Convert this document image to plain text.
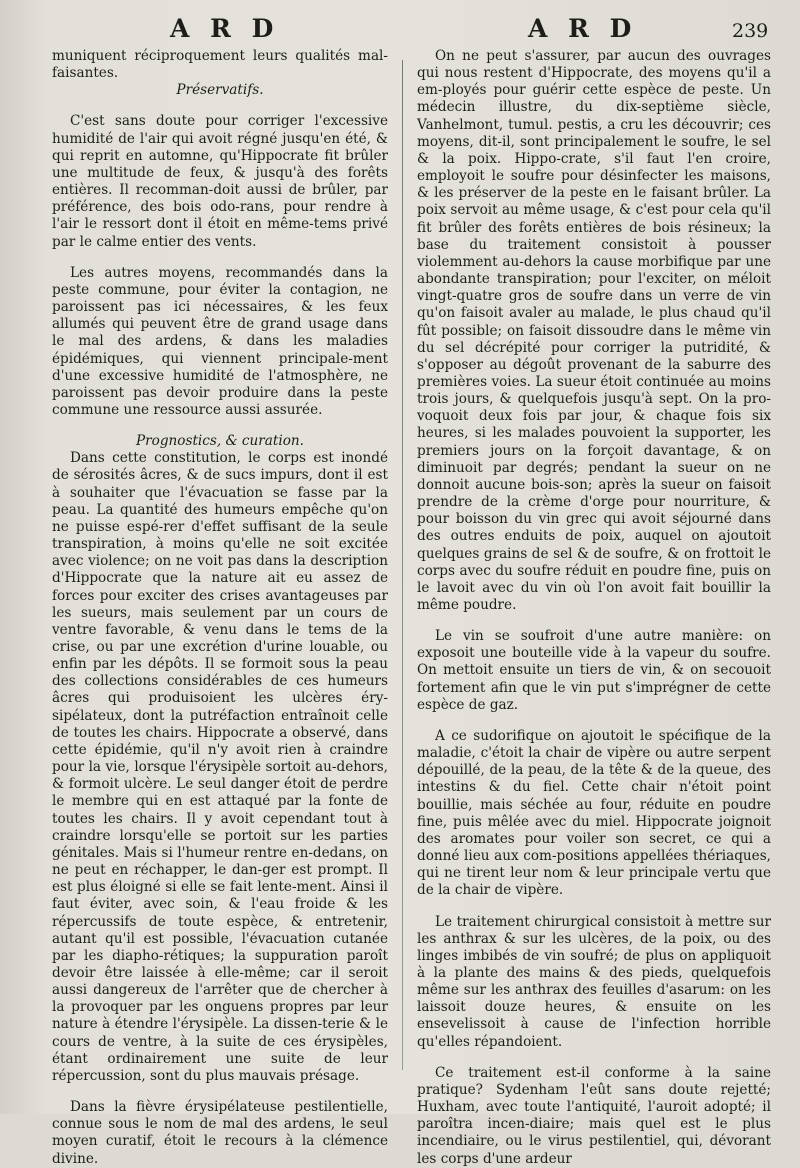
A R D	A R D	239

muniquent réciproquement leurs qualités mal-faisantes.

Préservatifs.

C'est sans doute pour corriger l'excessive humidité de l'air qui avoit régné jusqu'en été, & qui reprit en automne, qu'Hippocrate fit brûler une multitude de feux, & jusqu'à des forêts entières. Il recomman-doit aussi de brûler, par préférence, des bois odo-rans, pour rendre à l'air le ressort dont il étoit en même-tems privé par le calme entier des vents.

Les autres moyens, recommandés dans la peste commune, pour éviter la contagion, ne paroissent pas ici nécessaires, & les feux allumés qui peuvent être de grand usage dans le mal des ardens, & dans les maladies épidémiques, qui viennent principale-ment d'une excessive humidité de l'atmosphère, ne paroissent pas devoir produire dans la peste commune une ressource aussi assurée.

Prognostics, & curation.

Dans cette constitution, le corps est inondé de sérosités âcres, & de sucs impurs, dont il est à souhaiter que l'évacuation se fasse par la peau. La quantité des humeurs empêche qu'on ne puisse espé-rer d'effet suffisant de la seule transpiration, à moins qu'elle ne soit excitée avec violence; on ne voit pas dans la description d'Hippocrate que la nature ait eu assez de forces pour exciter des crises avantageuses par les sueurs, mais seulement par un cours de ventre favorable, & venu dans le tems de la crise, ou par une excrétion d'urine louable, ou enfin par les dépôts. Il se formoit sous la peau des collections considérables de ces humeurs âcres qui produisoient les ulcères éry-sipélateux, dont la putréfaction entraînoit celle de toutes les chairs. Hippocrate a observé, dans cette épidémie, qu'il n'y avoit rien à craindre pour la vie, lorsque l'érysipèle sortoit au-dehors, & formoit ulcère. Le seul danger étoit de perdre le membre qui en est attaqué par la fonte de toutes les chairs. Il y avoit cependant tout à craindre lorsqu'elle se portoit sur les parties génitales. Mais si l'humeur rentre en-dedans, on ne peut en réchapper, le dan-ger est prompt. Il est plus éloigné si elle se fait lente-ment. Ainsi il faut éviter, avec soin, & l'eau froide & les répercussifs de toute espèce, & entretenir, autant qu'il est possible, l'évacuation cutanée par les diapho-rétiques; la suppuration paroît devoir être laissée à elle-même; car il seroit aussi dangereux de l'arrêter que de chercher à la provoquer par les onguens propres par leur nature à étendre l'érysipèle. La dissen-terie & le cours de ventre, à la suite de ces érysipèles, étant ordinairement une suite de leur répercussion, sont du plus mauvais présage.

Dans la fièvre érysipélateuse pestilentielle, connue sous le nom de mal des ardens, le seul moyen curatif, étoit le recours à la clémence divine.

On ne peut s'assurer, par aucun des ouvrages qui nous restent d'Hippocrate, des moyens qu'il a em-ployés pour guérir cette espèce de peste. Un médecin illustre, du dix-septième siècle, Vanhelmont, tumul. pestis, a cru les découvrir; ces moyens, dit-il, sont principalement le soufre, le sel & la poix. Hippo-crate, s'il faut l'en croire, employoit le soufre pour désinfecter les maisons, & les préserver de la peste en le faisant brûler. La poix servoit au même usage, & c'est pour cela qu'il fit brûler des forêts entières de bois résineux; la base du traitement consistoit à pousser violemment au-dehors la cause morbifique par une abondante transpiration; pour l'exciter, on méloit vingt-quatre gros de soufre dans un verre de vin qu'on faisoit avaler au malade, le plus chaud qu'il fût possible; on faisoit dissoudre dans le même vin du sel décrépité pour corriger la putridité, & s'opposer au dégoût provenant de la saburre des premières voies. La sueur étoit continuée au moins trois jours, & quelquefois jusqu'à sept. On la pro-voquoit deux fois par jour, & chaque fois six heures, si les malades pouvoient la supporter, les premiers jours on la forçoit davantage, & on diminuoit par degrés; pendant la sueur on ne donnoit aucune bois-son; après la sueur on faisoit prendre de la crème d'orge pour nourriture, & pour boisson du vin grec qui avoit séjourné dans des outres enduits de poix, auquel on ajoutoit quelques grains de sel & de soufre, & on frottoit le corps avec du soufre réduit en poudre fine, puis on le lavoit avec du vin où l'on avoit fait bouillir la même poudre.

Le vin se soufroit d'une autre manière: on exposoit une bouteille vide à la vapeur du soufre. On mettoit ensuite un tiers de vin, & on secouoit fortement afin que le vin put s'imprégner de cette espèce de gaz.

A ce sudorifique on ajoutoit le spécifique de la maladie, c'étoit la chair de vipère ou autre serpent dépouillé, de la peau, de la tête & de la queue, des intestins & du fiel. Cette chair n'étoit point bouillie, mais séchée au four, réduite en poudre fine, puis mêlée avec du miel. Hippocrate joignoit des aromates pour voiler son secret, ce qui a donné lieu aux com-positions appellées thériaques, qui ne tirent leur nom & leur principale vertu que de la chair de vipère.

Le traitement chirurgical consistoit à mettre sur les anthrax & sur les ulcères, de la poix, ou des linges imbibés de vin soufré; de plus on appliquoit à la plante des mains & des pieds, quelquefois même sur les anthrax des feuilles d'asarum: on les laissoit douze heures, & ensuite on les ensevelissoit à cause de l'infection horrible qu'elles répandoient.

Ce traitement est-il conforme à la saine pratique? Sydenham l'eût sans doute rejetté; Huxham, avec toute l'antiquité, l'auroit adopté; il paroîtra incen-diaire; mais quel est le plus incendiaire, ou le virus pestilentiel, qui, dévorant les corps d'une ardeur
